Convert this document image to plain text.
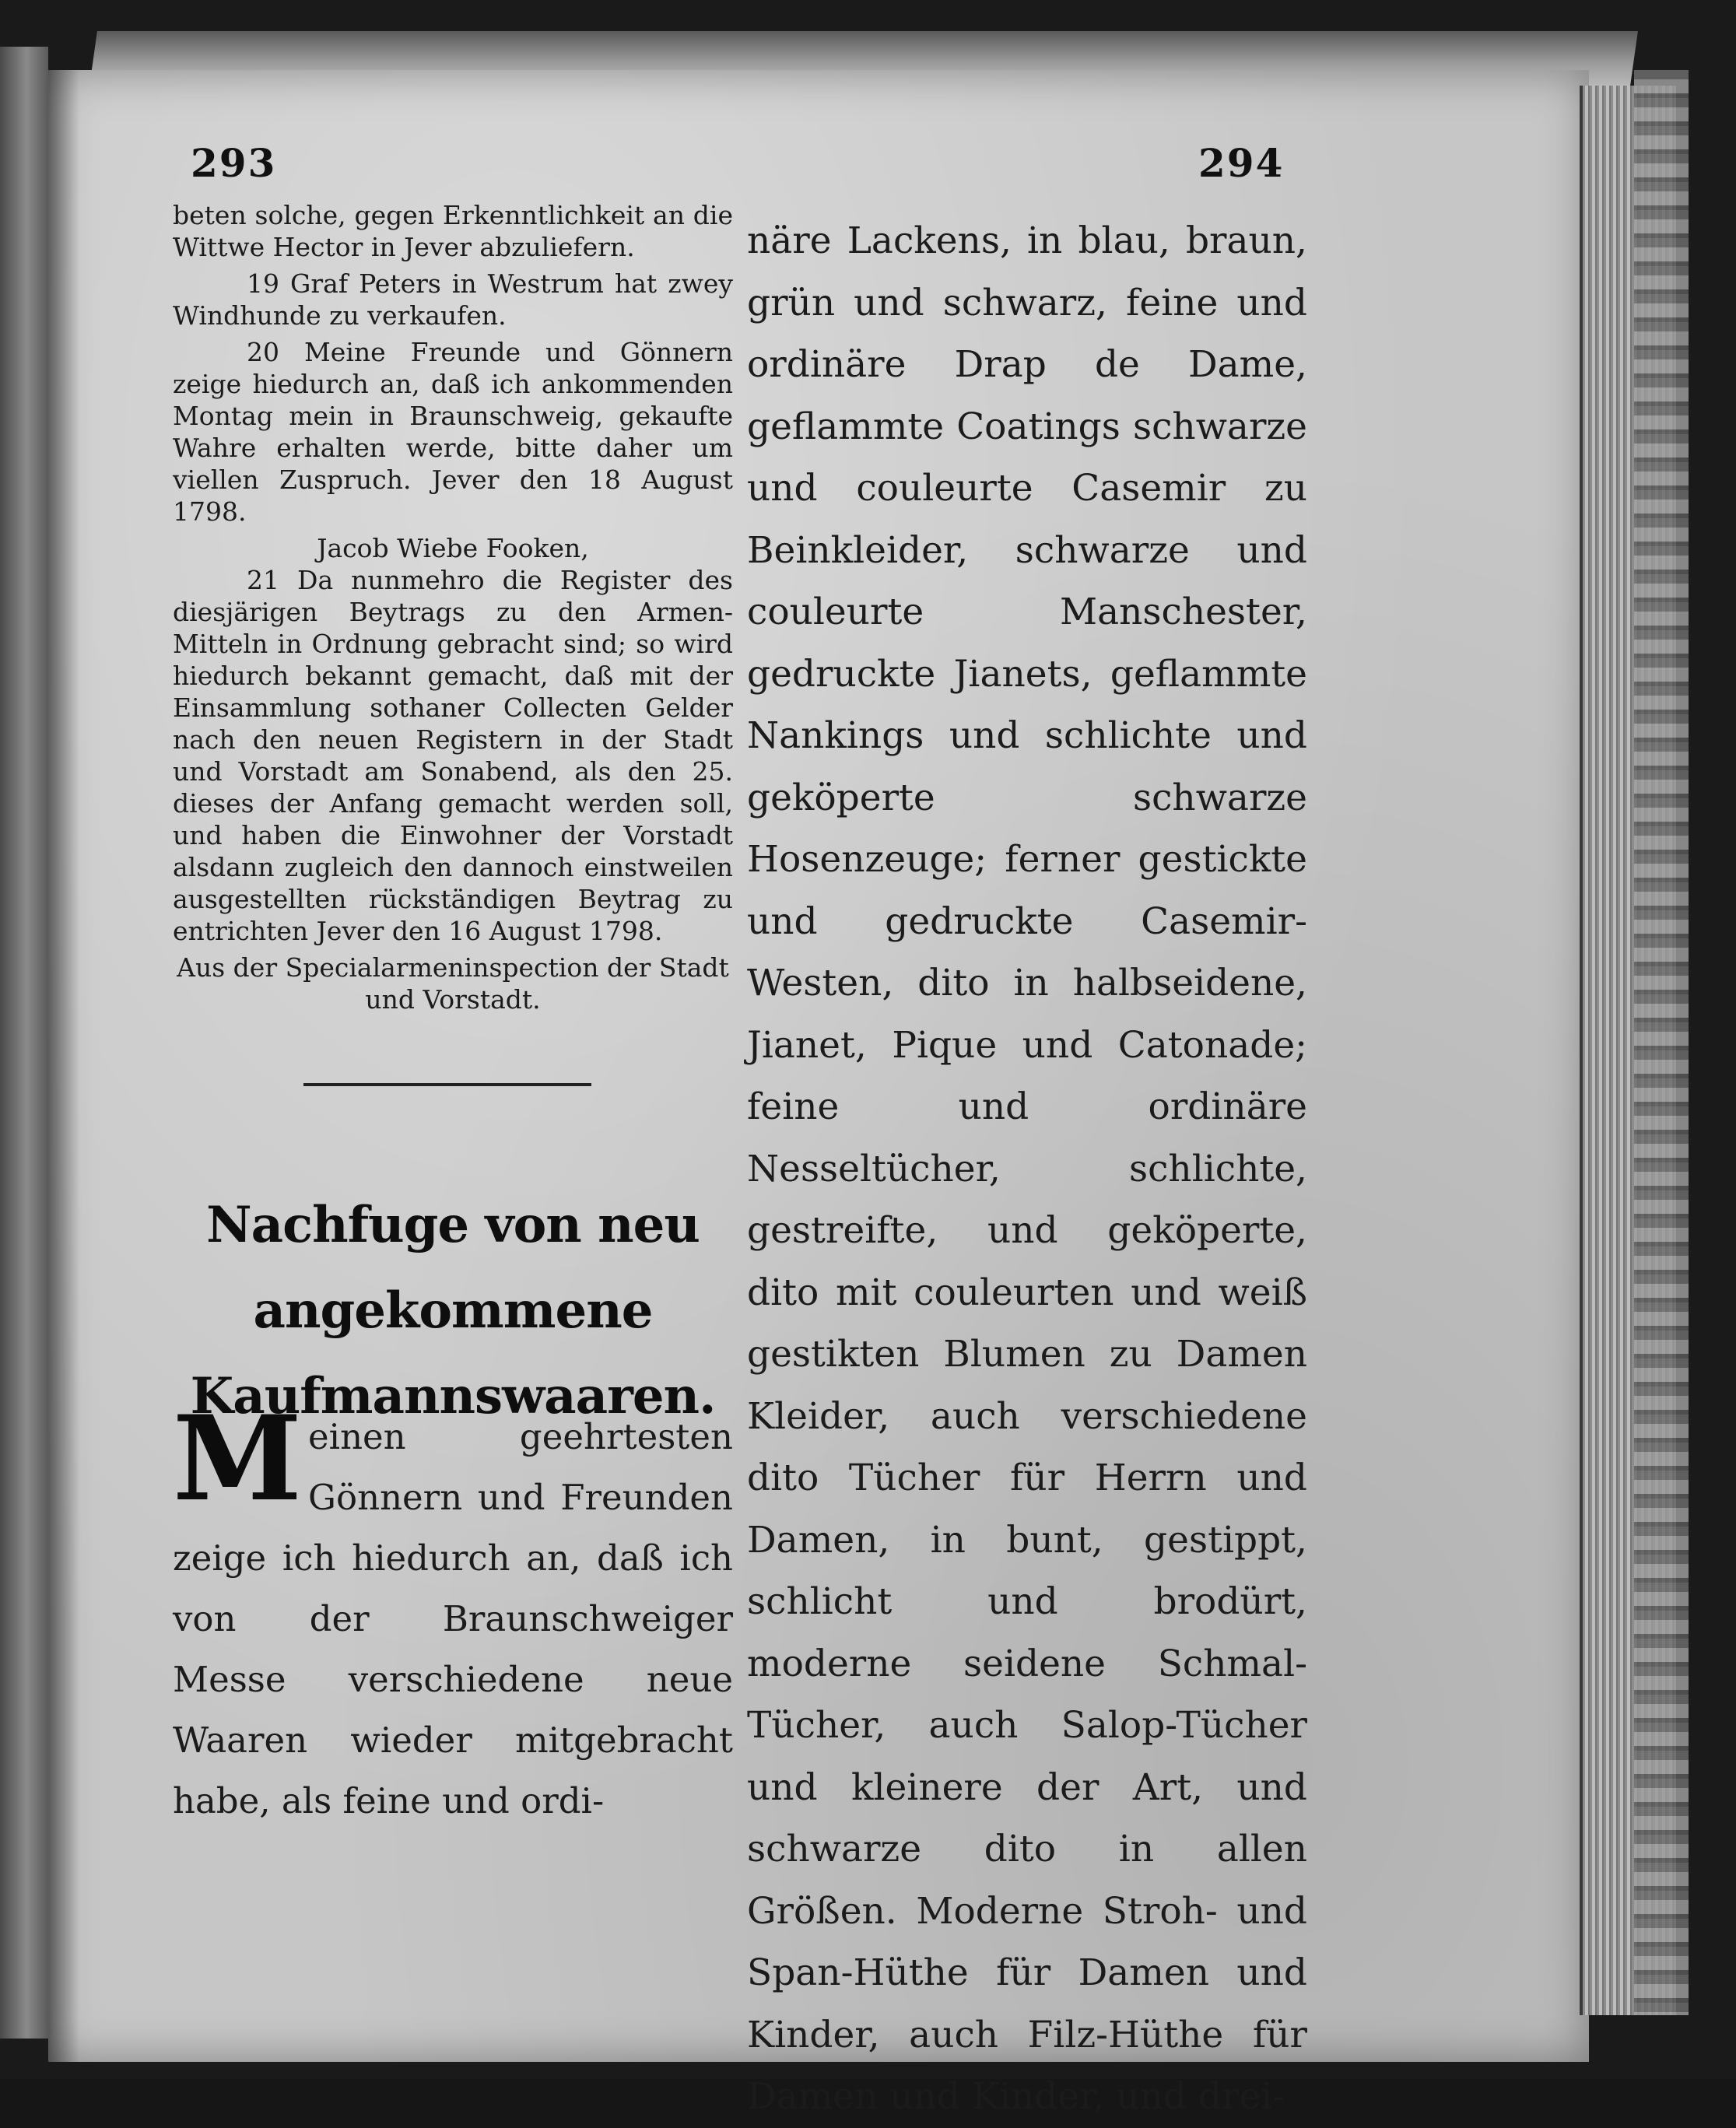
293	294

beten solche, gegen Erkenntlichkeit an die Wittwe Hector in Jever abzuliefern.

19 Graf Peters in Westrum hat zwey Windhunde zu verkaufen.

20 Meine Freunde und Gönnern zeige hiedurch an, daß ich ankommenden Montag mein in Braunschweig, gekaufte Wahre erhalten werde, bitte daher um viellen Zuspruch. Jever den 18 August 1798.

Jacob Wiebe Fooken,

21 Da nunmehro die Register des diesjärigen Beytrags zu den Armen-Mitteln in Ordnung gebracht sind; so wird hiedurch bekannt gemacht, daß mit der Einsammlung sothaner Collecten Gelder nach den neuen Registern in der Stadt und Vorstadt am Sonabend, als den 25. dieses der Anfang gemacht werden soll, und haben die Einwohner der Vorstadt alsdann zugleich den dannoch einstweilen ausgestellten rückständigen Beytrag zu entrichten Jever den 16 August 1798.

Aus der Specialarmeninspection der Stadt und Vorstadt.

Nachfuge von neu angekommene Kaufmannswaaren.
Meinen geehrtesten Gönnern und Freunden zeige ich hiedurch an, daß ich von der Braunschweiger Messe verschiedene neue Waaren wieder mitgebracht habe, als feine und ordi-
näre Lackens, in blau, braun, grün und schwarz, feine und ordinäre Drap de Dame, geflammte Coatings schwarze und couleurte Casemir zu Beinkleider, schwarze und couleurte Manschester, gedruckte Jianets, geflammte Nankings und schlichte und geköperte schwarze Hosenzeuge; ferner gestickte und gedruckte Casemir-Westen, dito in halbseidene, Jianet, Pique und Catonade; feine und ordinäre Nesseltücher, schlichte, gestreifte, und geköperte, dito mit couleurten und weiß gestikten Blumen zu Damen Kleider, auch verschiedene dito Tücher für Herrn und Damen, in bunt, gestippt, schlicht und brodürt, moderne seidene Schmal-Tücher, auch Salop-Tücher und kleinere der Art, und schwarze dito in allen Größen. Moderne Stroh- und Span-Hüthe für Damen und Kinder, auch Filz-Hüthe für Damen und Kinder, und drei-
